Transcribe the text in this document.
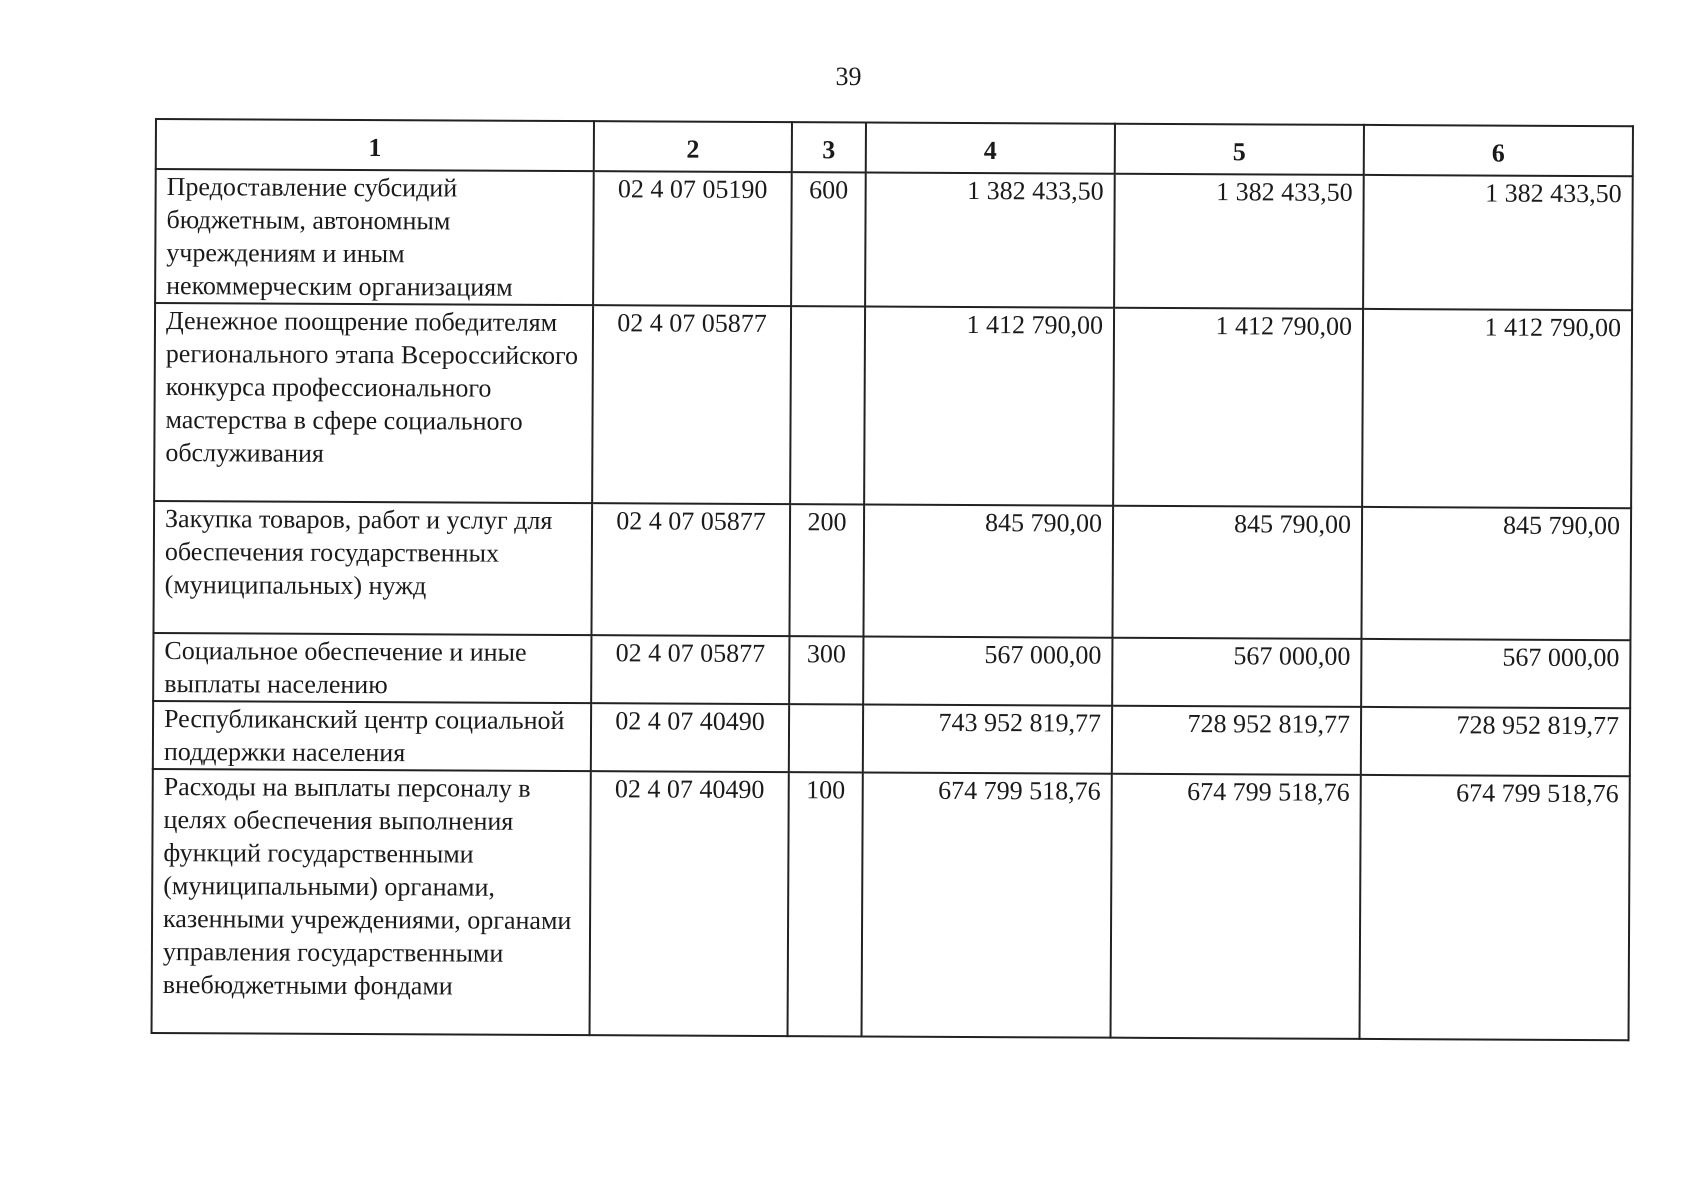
39
1	2	3	4	5	6
Предоставление субсидий бюджетным, автономным учреждениям и иным некоммерческим организациям	02 4 07 05190	600	1 382 433,50	1 382 433,50	1 382 433,50
Денежное поощрение победителям регионального этапа Всероссийского конкурса профессионального мастерства в сфере социального обслуживания	02 4 07 05877		1 412 790,00	1 412 790,00	1 412 790,00
Закупка товаров, работ и услуг для обеспечения государственных (муниципальных) нужд	02 4 07 05877	200	845 790,00	845 790,00	845 790,00
Социальное обеспечение и иные выплаты населению	02 4 07 05877	300	567 000,00	567 000,00	567 000,00
Республиканский центр социальной поддержки населения	02 4 07 40490		743 952 819,77	728 952 819,77	728 952 819,77
Расходы на выплаты персоналу в целях обеспечения выполнения функций государственными (муниципальными) органами, казенными учреждениями, органами управления государственными внебюджетными фондами	02 4 07 40490	100	674 799 518,76	674 799 518,76	674 799 518,76
